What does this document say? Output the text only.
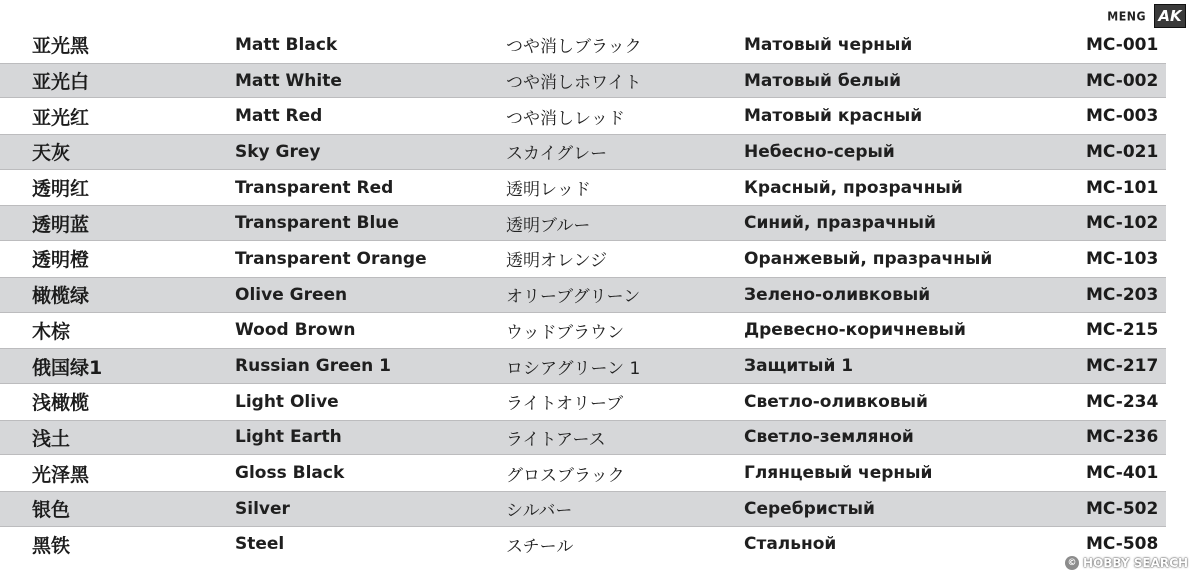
MENG AK
亚光黑	Matt Black	つや消しブラック	Матовый черный	MC-001
亚光白	Matt White	つや消しホワイト	Матовый белый	MC-002
亚光红	Matt Red	つや消しレッド	Матовый красный	MC-003
天灰	Sky Grey	スカイグレー	Небесно-серый	MC-021
透明红	Transparent Red	透明レッド	Красный, прозрачный	MC-101
透明蓝	Transparent Blue	透明ブルー	Синий, празрачный	MC-102
透明橙	Transparent Orange	透明オレンジ	Оранжевый, празрачный	MC-103
橄榄绿	Olive Green	オリーブグリーン	Зелено-оливковый	MC-203
木棕	Wood Brown	ウッドブラウン	Древесно-коричневый	MC-215
俄国绿1	Russian Green 1	ロシアグリーン 1	Защитый 1	MC-217
浅橄榄	Light Olive	ライトオリーブ	Светло-оливковый	MC-234
浅土	Light Earth	ライトアース	Светло-земляной	MC-236
光泽黑	Gloss Black	グロスブラック	Глянцевый черный	MC-401
银色	Silver	シルバー	Серебристый	MC-502
黑铁	Steel	スチール	Стальной	MC-508
© HOBBY SEARCH
